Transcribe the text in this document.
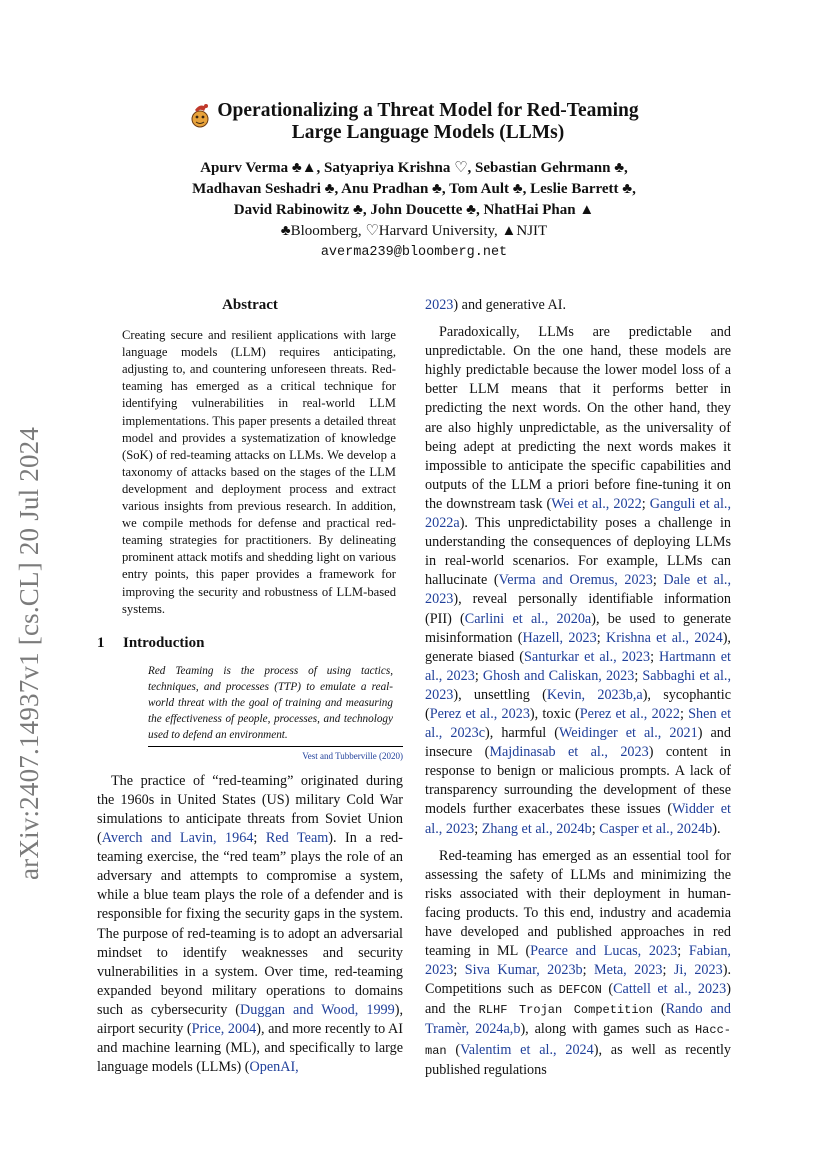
arXiv:2407.14937v1 [cs.CL] 20 Jul 2024
Operationalizing a Threat Model for Red-Teaming
Large Language Models (LLMs)
Apurv Verma ♣▲, Satyapriya Krishna ♡, Sebastian Gehrmann ♣,
Madhavan Seshadri ♣, Anu Pradhan ♣, Tom Ault ♣, Leslie Barrett ♣,
David Rabinowitz ♣, John Doucette ♣, NhatHai Phan ▲
♣Bloomberg, ♡Harvard University, ▲NJIT
averma239@bloomberg.net
Abstract

Creating secure and resilient applications with large language models (LLM) requires anticipating, adjusting to, and countering unforeseen threats. Red-teaming has emerged as a critical technique for identifying vulnerabilities in real-world LLM implementations. This paper presents a detailed threat model and provides a systematization of knowledge (SoK) of red-teaming attacks on LLMs. We develop a taxonomy of attacks based on the stages of the LLM development and deployment process and extract various insights from previous research. In addition, we compile methods for defense and practical red-teaming strategies for practitioners. By delineating prominent attack motifs and shedding light on various entry points, this paper provides a framework for improving the security and robustness of LLM-based systems.

1 Introduction

Red Teaming is the process of using tactics, techniques, and processes (TTP) to emulate a real-world threat with the goal of training and measuring the effectiveness of people, processes, and technology used to defend an environment.

Vest and Tubberville (2020)

The practice of “red-teaming” originated during the 1960s in United States (US) military Cold War simulations to anticipate threats from Soviet Union (Averch and Lavin, 1964; Red Team). In a red-teaming exercise, the “red team” plays the role of an adversary and attempts to compromise a system, while a blue team plays the role of a defender and is responsible for fixing the security gaps in the system. The purpose of red-teaming is to adopt an adversarial mindset to identify weaknesses and security vulnerabilities in a system. Over time, red-teaming expanded beyond military operations to domains such as cybersecurity (Duggan and Wood, 1999), airport security (Price, 2004), and more recently to AI and machine learning (ML), and specifically to large language models (LLMs) (OpenAI,

2023) and generative AI.

Paradoxically, LLMs are predictable and unpredictable. On the one hand, these models are highly predictable because the lower model loss of a better LLM means that it performs better in predicting the next words. On the other hand, they are also highly unpredictable, as the universality of being adept at predicting the next words makes it impossible to anticipate the specific capabilities and outputs of the LLM a priori before fine-tuning it on the downstream task (Wei et al., 2022; Ganguli et al., 2022a). This unpredictability poses a challenge in understanding the consequences of deploying LLMs in real-world scenarios. For example, LLMs can hallucinate (Verma and Oremus, 2023; Dale et al., 2023), reveal personally identifiable information (PII) (Carlini et al., 2020a), be used to generate misinformation (Hazell, 2023; Krishna et al., 2024), generate biased (Santurkar et al., 2023; Hartmann et al., 2023; Ghosh and Caliskan, 2023; Sabbaghi et al., 2023), unsettling (Kevin, 2023b,a), sycophantic (Perez et al., 2023), toxic (Perez et al., 2022; Shen et al., 2023c), harmful (Weidinger et al., 2021) and insecure (Majdinasab et al., 2023) content in response to benign or malicious prompts. A lack of transparency surrounding the development of these models further exacerbates these issues (Widder et al., 2023; Zhang et al., 2024b; Casper et al., 2024b).

Red-teaming has emerged as an essential tool for assessing the safety of LLMs and minimizing the risks associated with their deployment in human-facing products. To this end, industry and academia have developed and published approaches in red teaming in ML (Pearce and Lucas, 2023; Fabian, 2023; Siva Kumar, 2023b; Meta, 2023; Ji, 2023). Competitions such as DEFCON (Cattell et al., 2023) and the RLHF Trojan Competition (Rando and Tramèr, 2024a,b), along with games such as Hacc-man (Valentim et al., 2024), as well as recently published regulations
